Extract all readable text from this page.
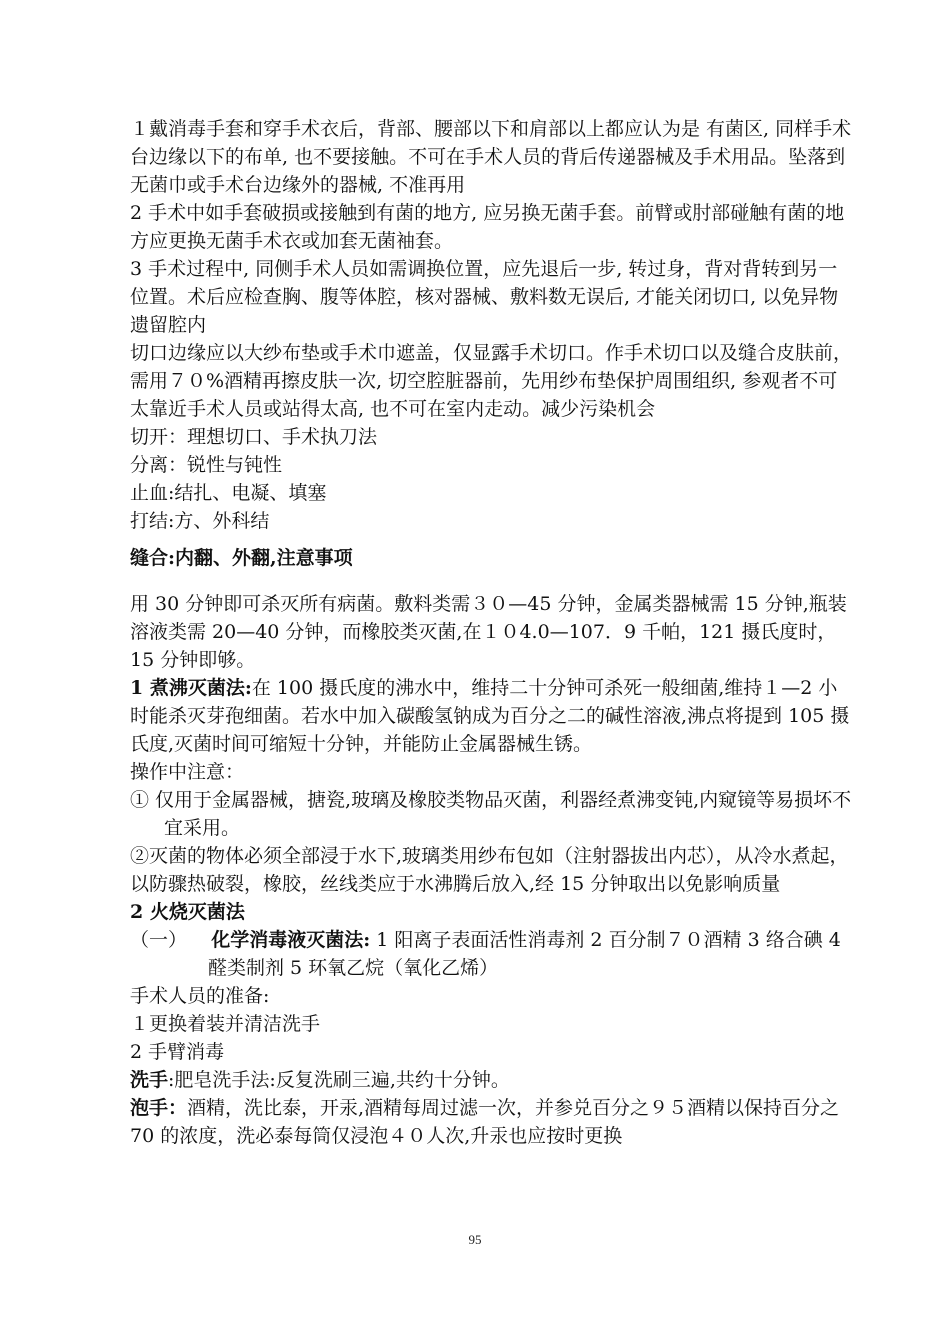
１戴消毒手套和穿手术衣后，背部、腰部以下和肩部以上都应认为是 有菌区, 同样手术台边缘以下的布单, 也不要接触。不可在手术人员的背后传递器械及手术用品。坠落到无菌巾或手术台边缘外的器械, 不准再用

2 手术中如手套破损或接触到有菌的地方, 应另换无菌手套。前臂或肘部碰触有菌的地方应更换无菌手术衣或加套无菌袖套。

3 手术过程中, 同侧手术人员如需调换位置，应先退后一步, 转过身，背对背转到另一位置。术后应检查胸、腹等体腔，核对器械、敷料数无误后, 才能关闭切口, 以免异物遗留腔内

切口边缘应以大纱布垫或手术巾遮盖，仅显露手术切口。作手术切口以及缝合皮肤前，需用７０%酒精再擦皮肤一次, 切空腔脏器前，先用纱布垫保护周围组织, 参观者不可太靠近手术人员或站得太高, 也不可在室内走动。减少污染机会

切开：理想切口、手术执刀法

分离：锐性与钝性

止血:结扎、电凝、填塞

打结:方、外科结

缝合:内翻、外翻,注意事项

用 30 分钟即可杀灭所有病菌。敷料类需３０—45 分钟，金属类器械需 15 分钟,瓶装溶液类需 20—40 分钟，而橡胶类灭菌,在１０4.0—107．9 千帕，121 摄氏度时，15 分钟即够。

1 煮沸灭菌法:在 100 摄氏度的沸水中，维持二十分钟可杀死一般细菌,维持１—2 小时能杀灭芽孢细菌。若水中加入碳酸氢钠成为百分之二的碱性溶液,沸点将提到 105 摄氏度,灭菌时间可缩短十分钟，并能防止金属器械生锈。

操作中注意：

① 仅用于金属器械，搪瓷,玻璃及橡胶类物品灭菌，利器经煮沸变钝,内窥镜等易损坏不宜采用。

②灭菌的物体必须全部浸于水下,玻璃类用纱布包如（注射器拔出内芯），从冷水煮起，以防骤热破裂，橡胶，丝线类应于水沸腾后放入,经 15 分钟取出以免影响质量

2 火烧灭菌法

（一） 化学消毒液灭菌法: 1 阳离子表面活性消毒剂 2 百分制７０酒精 3 络合碘 4 醛类制剂 5 环氧乙烷（氧化乙烯）

手术人员的准备:

１更换着装并清洁洗手

2 手臂消毒

洗手:肥皂洗手法:反复洗刷三遍,共约十分钟。

泡手：酒精，洗比泰，开汞,酒精每周过滤一次，并参兑百分之９５酒精以保持百分之 70 的浓度，洗必泰每筒仅浸泡４０人次,升汞也应按时更换

95
